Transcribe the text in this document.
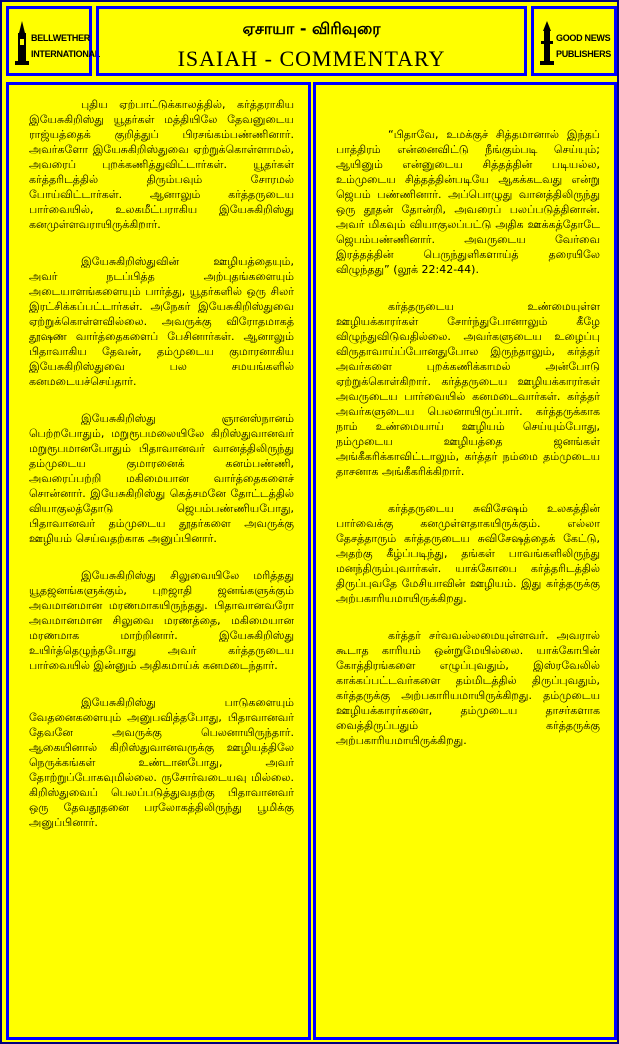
BELLWETHER
INTERNATIONAL
ஏசாயா - விரிவுரை
ISAIAH - COMMENTARY
GOOD NEWS
PUBLISHERS

புதிய ஏற்பாட்டுக்காலத்தில், கர்த்தராகிய இயேசுகிறிஸ்து யூதர்கள் மத்தியிலே தேவனுடைய ராஜ்யத்தைக் குறித்துப் பிரசங்கம்பண்ணினார். அவர்களோ இயேசுகிறிஸ்துவை ஏற்றுக்கொள்ளாமல், அவரைப் புறக்கணித்துவிட்டார்கள். யூதர்கள் கர்த்தரிடத்தில் திரும்பவும் சோரமல் போய்விட்டார்கள். ஆனாலும் கர்த்தருடைய பார்வையில், உலகமீட்பராகிய இயேசுகிறிஸ்து கனமுள்ளவராயிருக்கிறார்.

இயேசுகிறிஸ்துவின் ஊழியத்தையும், அவர் நடப்பித்த அற்புதங்களையும் அடையாளங்களையும் பார்த்து, யூதர்களில் ஒரு சிலர் இரட்சிக்கப்பட்டார்கள். அநேகர் இயேசுகிறிஸ்துவை ஏற்றுக்கொள்ளவில்லை. அவருக்கு விரோதமாகத் தூஷண வார்த்தைகளைப் பேசினார்கள். ஆனாலும் பிதாவாகிய தேவன், தம்முடைய குமாரனாகிய இயேசுகிறிஸ்துவை பல சமயங்களில் கனமடையச்செய்தார்.

இயேசுகிறிஸ்து ஞானஸ்நானம் பெற்றபோதும், மறுரூபமலையிலே கிறிஸ்துவானவர் மறுரூபமானபோதும் பிதாவானவர் வானத்திலிருந்து தம்முடைய குமாரனைக் கனம்பண்ணி, அவரைப்பற்றி மகிமையான வார்த்தைகளைச் சொன்னார். இயேசுகிறிஸ்து கெத்சமனே தோட்டத்தில் வியாகுலத்தோடு ஜெபம்பண்ணியபோது, பிதாவானவர் தம்முடைய தூதர்களை அவருக்கு ஊழியம் செய்வதற்காக அனுப்பினார்.

இயேசுகிறிஸ்து சிலுவையிலே மரித்தது யூதஜனங்களுக்கும், புறஜாதி ஜனங்களுக்கும் அவமானமான மரணமாகயிருந்தது. பிதாவானவரோ அவமானமான சிலுவை மரணத்தை, மகிமையான மரணமாக மாற்றினார். இயேசுகிறிஸ்து உயிர்த்தெழுந்தபோது அவர் கர்த்தருடைய பார்வையில் இன்னும் அதிகமாய்க் கனமடைந்தார்.

இயேசுகிறிஸ்து பாடுகளையும் வேதனைகளையும் அனுபவித்தபோது, பிதாவானவர் தேவனே அவருக்கு பெலனாயிருந்தார். ஆகையினால் கிறிஸ்துவானவருக்கு ஊழியத்திலே நெருக்கங்கள் உண்டானபோது, அவர் தோற்றுப்போகவுமில்லை. ருசோர்வடையவு மில்லை. கிறிஸ்துவைப் பெலப்படுத்துவதற்கு பிதாவானவர் ஒரு தேவதூதனை பரலோகத்திலிருந்து பூமிக்கு அனுப்பினார்.

“பிதாவே, உமக்குச் சித்தமானால் இந்தப் பாத்திரம் என்னைவிட்டு நீங்கும்படி செய்யும்; ஆயினும் என்னுடைய சித்தத்தின் படியல்ல, உம்முடைய சித்தத்தின்படியே ஆகக்கடவது என்று ஜெபம் பண்ணினார். அப்பொழுது வானத்திலிருந்து ஒரு தூதன் தோன்றி, அவரைப் பலப்படுத்தினான். அவர் மிகவும் வியாகுலப்பட்டு அதிக ஊக்கத்தோடே ஜெபம்பண்ணினார். அவருடைய வேர்வை இரத்தத்தின் பெருந்துளிகளாய்த் தரையிலே விழுந்தது” (லூக் 22:42-44).

கர்த்தருடைய உண்மையுள்ள ஊழியக்காரர்கள் சோர்ந்துபோனாலும் கீழே விழுந்துவிடுவதில்லை. அவர்களுடைய உழைப்பு விருதாவாய்ப்போனதுபோல இருந்தாலும், கர்த்தர் அவர்களை புறக்கணிக்காமல் அன்போடு ஏற்றுக்கொள்கிறார். கர்த்தருடைய ஊழியக்காரர்கள் அவருடைய பார்வையில் கனமடைவார்கள். கர்த்தர் அவர்களுடைய பெலனாயிருப்பார். கர்த்தருக்காக நாம் உண்மையாய் ஊழியம் செய்யும்போது, நம்முடைய ஊழியத்தை ஜனங்கள் அங்கீகரிக்காவிட்டாலும், கர்த்தர் நம்மை தம்முடைய தாசனாக அங்கீகரிக்கிறார்.

கர்த்தருடைய சுவிசேஷம் உலகத்தின் பார்வைக்கு கனமுள்ளதாகயிருக்கும். எல்லா தேசத்தாரும் கர்த்தருடைய சுவிசேஷத்தைக் கேட்டு, அதற்கு கீழ்ப்படிந்து, தங்கள் பாவங்களிலிருந்து மனந்திரும்புவார்கள். யாக்கோபை கர்த்தரிடத்தில் திருப்புவதே மேசியாவின் ஊழியம். இது கர்த்தருக்கு அற்பகாரியமாயிருக்கிறது.

கர்த்தர் சர்வவல்லமையுள்ளவர். அவரால் கூடாத காரியம் ஒன்றுமேயில்லை. யாக்கோபின் கோத்திரங்களை எழுப்புவதும், இஸ்ரவேலில் காக்கப்பட்டவர்களை தம்மிடத்தில் திருப்புவதும், கர்த்தருக்கு அற்பகாரியமாயிருக்கிறது. தம்முடைய ஊழியக்காரர்களை, தம்முடைய தாசர்களாக வைத்திருப்பதும் கர்த்தருக்கு அற்பகாரியமாயிருக்கிறது.
